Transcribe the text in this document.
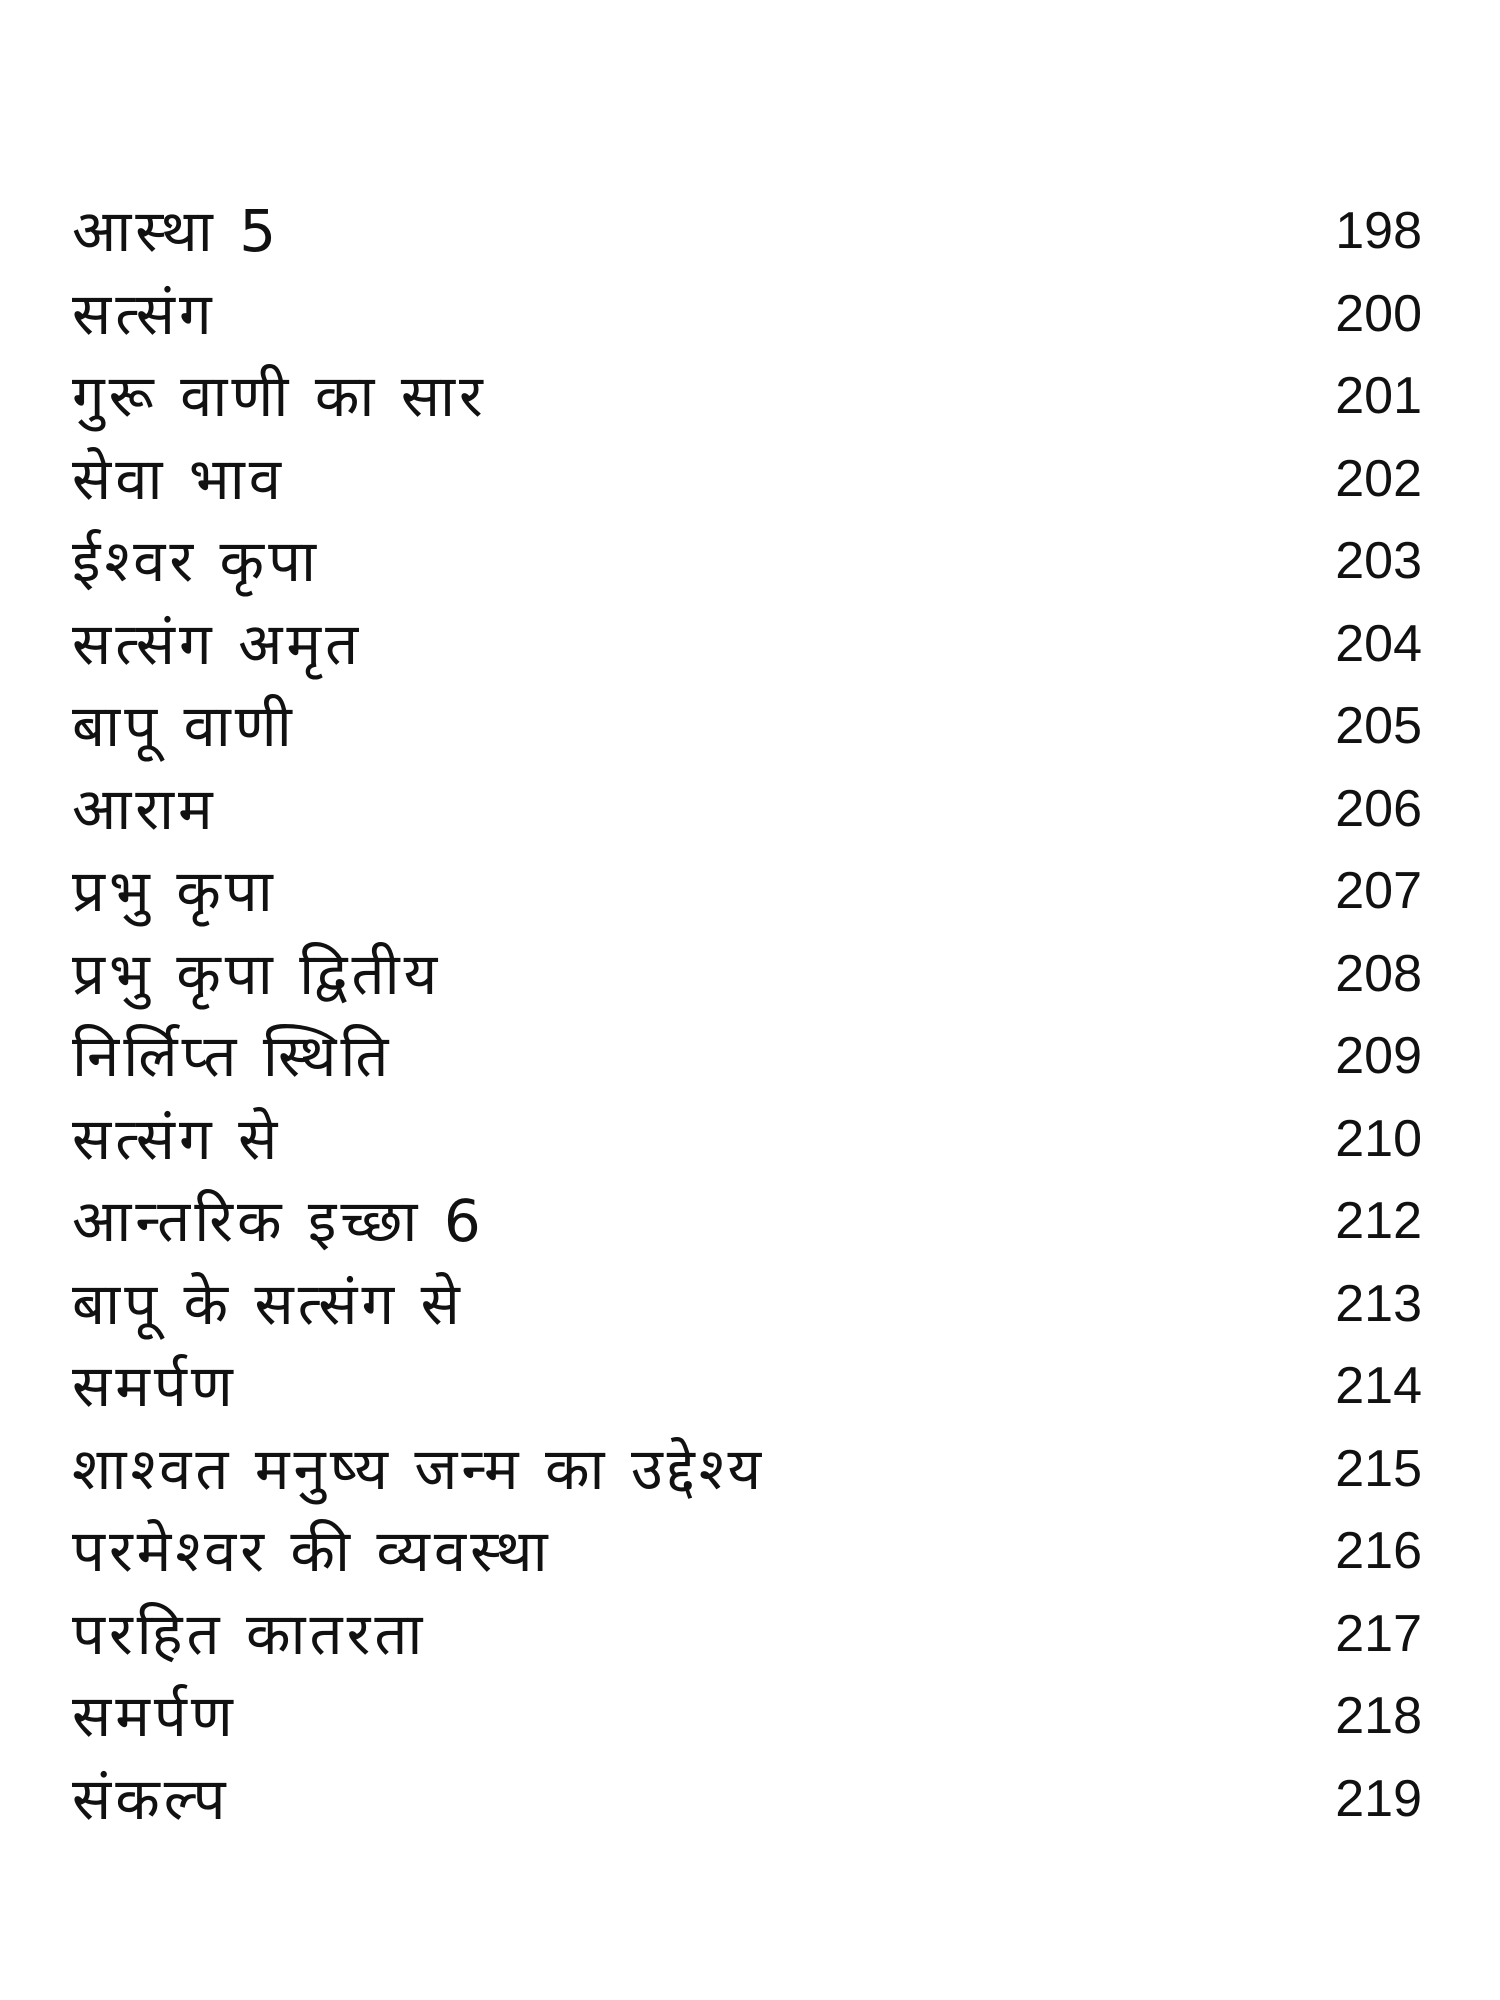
आस्था 5	198
सत्संग	200
गुरू वाणी का सार	201
सेवा भाव	202
ईश्वर कृपा	203
सत्संग अमृत	204
बापू वाणी	205
आराम	206
प्रभु कृपा	207
प्रभु कृपा द्वितीय	208
निर्लिप्त स्थिति	209
सत्संग से	210
आन्तरिक इच्छा 6	212
बापू के सत्संग से	213
समर्पण	214
शाश्वत मनुष्य जन्म का उद्देश्य	215
परमेश्वर की व्यवस्था	216
परहित कातरता	217
समर्पण	218
संकल्प	219
